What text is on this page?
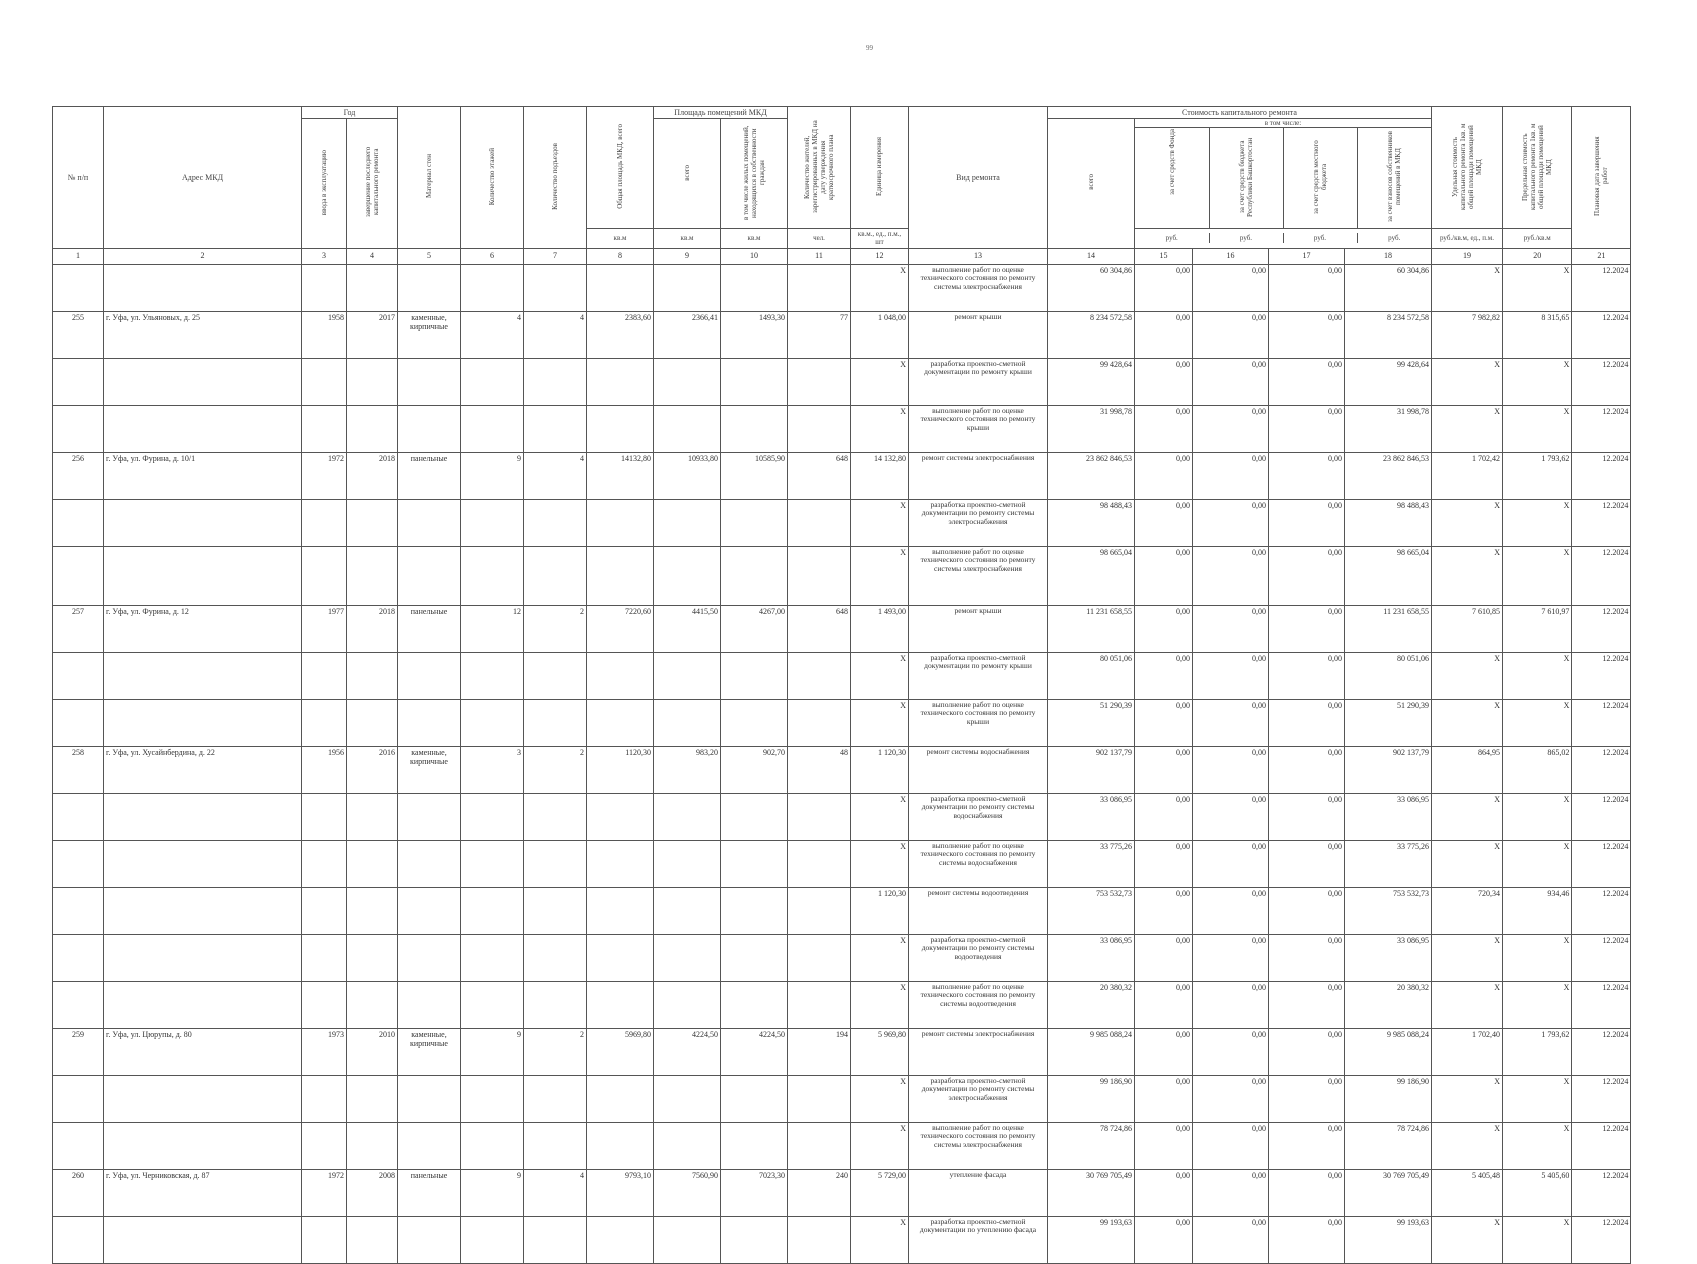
99
№ п/п	Адрес МКД	Год	Материал стен	Количество этажей	Количество подъездов	Общая площадь МКД, всего	Площадь помещений МКД	Количество жителей, зарегистрированных в МКД на дату утверждения краткосрочного плана	Единица измерения	Вид ремонта	Стоимость капитального ремонта	Удельная стоимость капитального ремонта 1кв. м общей площади помещений МКД	Предельная стоимость капитального ремонта 1кв. м общей площади помещений МКД	Плановая дата завершения работ
ввода в эксплуатацию	завершение последнего капитального ремонта	всего	в том числе жилых помещений, находящихся в собственности граждан	всего	
в том числе:
за счет средств Фонда	за счет средств бюджета Республики Башкортостан	за счет средств местного бюджета	за счет взносов собственников помещений в МКД

кв.м	кв.м	кв.м	чел.	кв.м., ед., п.м., шт	
руб.	руб.	руб.	руб.
		руб./кв.м, ед., п.м.	руб./кв.м
1	2	3	4	5	6	7	8	9	10	11	12	13	14	15	16	17	18	19	20	21
											X	выполнение работ по оценке технического состояния по ремонту системы электроснабжения	60 304,86	0,00	0,00	0,00	60 304,86	X	X	12.2024
255	г. Уфа, ул. Ульяновых, д. 25	1958	2017	каменные, кирпичные	4	4	2383,60	2366,41	1493,30	77	1 048,00	ремонт крыши	8 234 572,58	0,00	0,00	0,00	8 234 572,58	7 982,82	8 315,65	12.2024
											X	разработка проектно-сметной документации по ремонту крыши	99 428,64	0,00	0,00	0,00	99 428,64	X	X	12.2024
											X	выполнение работ по оценке технического состояния по ремонту крыши	31 998,78	0,00	0,00	0,00	31 998,78	X	X	12.2024
256	г. Уфа, ул. Фурина, д. 10/1	1972	2018	панельные	9	4	14132,80	10933,80	10585,90	648	14 132,80	ремонт системы электроснабжения	23 862 846,53	0,00	0,00	0,00	23 862 846,53	1 702,42	1 793,62	12.2024
											X	разработка проектно-сметной документации по ремонту системы электроснабжения	98 488,43	0,00	0,00	0,00	98 488,43	X	X	12.2024
											X	выполнение работ по оценке технического состояния по ремонту системы электроснабжения	98 665,04	0,00	0,00	0,00	98 665,04	X	X	12.2024
257	г. Уфа, ул. Фурина, д. 12	1977	2018	панельные	12	2	7220,60	4415,50	4267,00	648	1 493,00	ремонт крыши	11 231 658,55	0,00	0,00	0,00	11 231 658,55	7 610,85	7 610,97	12.2024
											X	разработка проектно-сметной документации по ремонту крыши	80 051,06	0,00	0,00	0,00	80 051,06	X	X	12.2024
											X	выполнение работ по оценке технического состояния по ремонту крыши	51 290,39	0,00	0,00	0,00	51 290,39	X	X	12.2024
258	г. Уфа, ул. Хусайнбердина, д. 22	1956	2016	каменные, кирпичные	3	2	1120,30	983,20	902,70	48	1 120,30	ремонт системы водоснабжения	902 137,79	0,00	0,00	0,00	902 137,79	864,95	865,02	12.2024
											X	разработка проектно-сметной документации по ремонту системы водоснабжения	33 086,95	0,00	0,00	0,00	33 086,95	X	X	12.2024
											X	выполнение работ по оценке технического состояния по ремонту системы водоснабжения	33 775,26	0,00	0,00	0,00	33 775,26	X	X	12.2024
											1 120,30	ремонт системы водоотведения	753 532,73	0,00	0,00	0,00	753 532,73	720,34	934,46	12.2024
											X	разработка проектно-сметной документации по ремонту системы водоотведения	33 086,95	0,00	0,00	0,00	33 086,95	X	X	12.2024
											X	выполнение работ по оценке технического состояния по ремонту системы водоотведения	20 380,32	0,00	0,00	0,00	20 380,32	X	X	12.2024
259	г. Уфа, ул. Цюрупы, д. 80	1973	2010	каменные, кирпичные	9	2	5969,80	4224,50	4224,50	194	5 969,80	ремонт системы электроснабжения	9 985 088,24	0,00	0,00	0,00	9 985 088,24	1 702,40	1 793,62	12.2024
											X	разработка проектно-сметной документации по ремонту системы электроснабжения	99 186,90	0,00	0,00	0,00	99 186,90	X	X	12.2024
											X	выполнение работ по оценке технического состояния по ремонту системы электроснабжения	78 724,86	0,00	0,00	0,00	78 724,86	X	X	12.2024
260	г. Уфа, ул. Черниковская, д. 87	1972	2008	панельные	9	4	9793,10	7560,90	7023,30	240	5 729,00	утепление фасада	30 769 705,49	0,00	0,00	0,00	30 769 705,49	5 405,48	5 405,60	12.2024
											X	разработка проектно-сметной документации по утеплению фасада	99 193,63	0,00	0,00	0,00	99 193,63	X	X	12.2024
